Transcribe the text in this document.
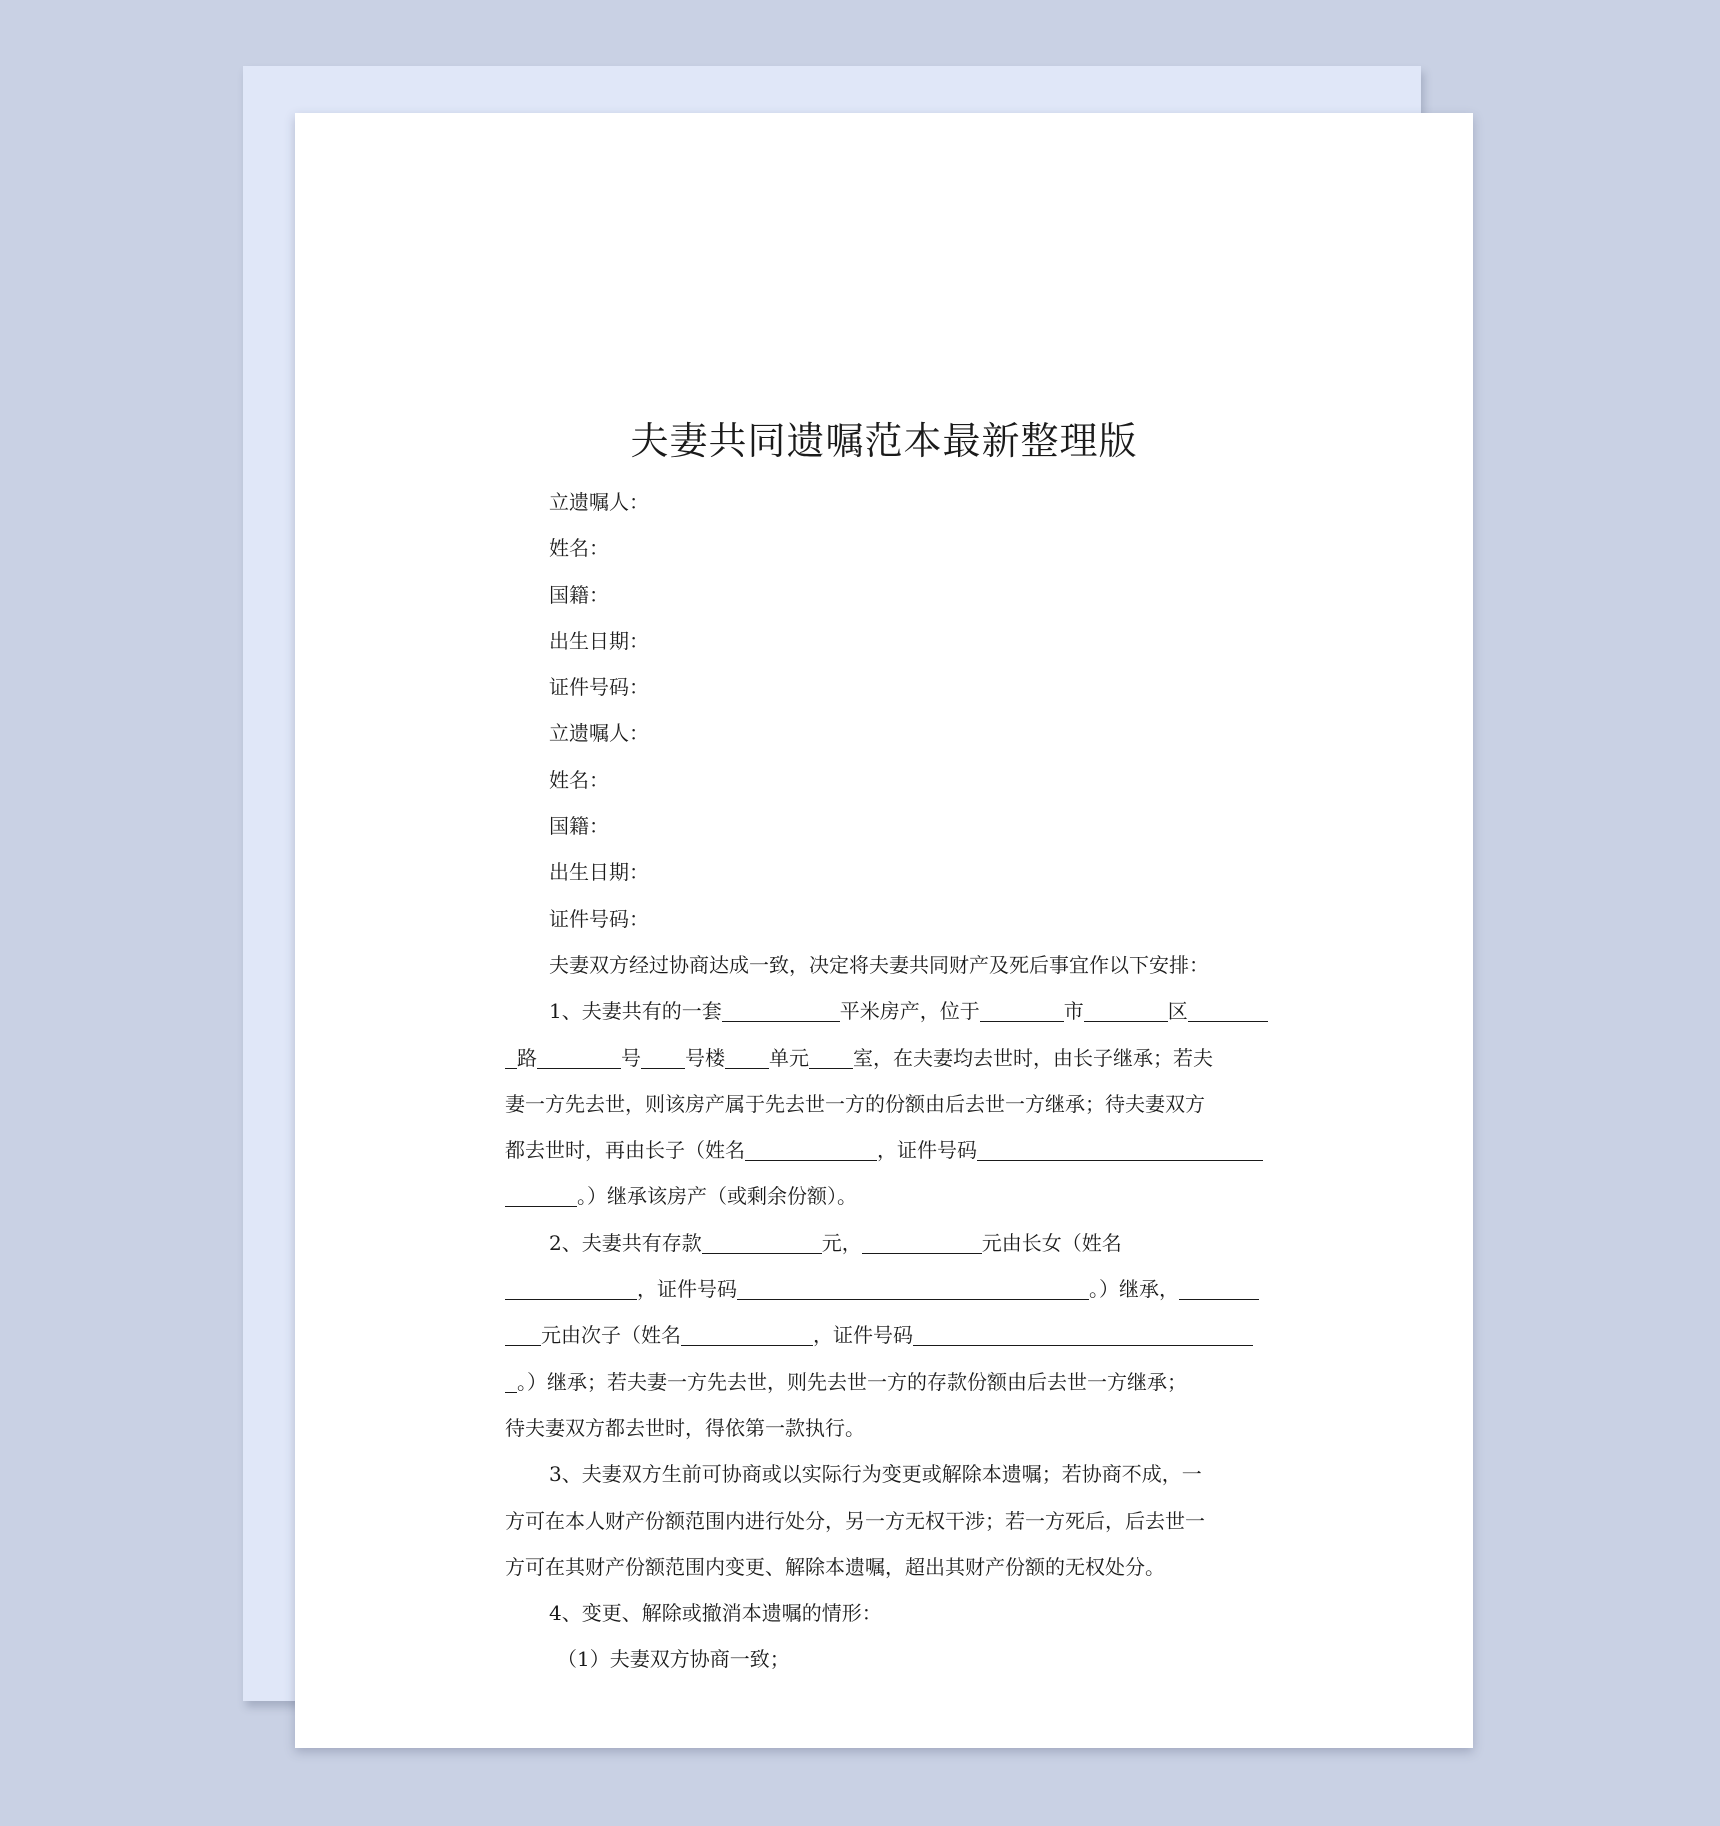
夫妻共同遗嘱范本最新整理版
立遗嘱人：
姓名：
国籍：
出生日期：
证件号码：
立遗嘱人：
姓名：
国籍：
出生日期：
证件号码：
夫妻双方经过协商达成一致，决定将夫妻共同财产及死后事宜作以下安排：
1、夫妻共有的一套	平米房产，位于	市	区
路	号 号楼 单元 室，在夫妻均去世时，由长子继承；若夫
妻一方先去世，则该房产属于先去世一方的份额由后去世一方继承；待夫妻双方
都去世时，再由长子（姓名	，证件号码
。）继承该房产（或剩余份额）。
2、夫妻共有存款	元，	元由长女（姓名
，证件号码	。）继承，
元由次子（姓名	，证件号码
。）继承；若夫妻一方先去世，则先去世一方的存款份额由后去世一方继承；
待夫妻双方都去世时，得依第一款执行。
3、夫妻双方生前可协商或以实际行为变更或解除本遗嘱；若协商不成，一
方可在本人财产份额范围内进行处分，另一方无权干涉；若一方死后，后去世一
方可在其财产份额范围内变更、解除本遗嘱，超出其财产份额的无权处分。
4、变更、解除或撤消本遗嘱的情形：
（1）夫妻双方协商一致；
